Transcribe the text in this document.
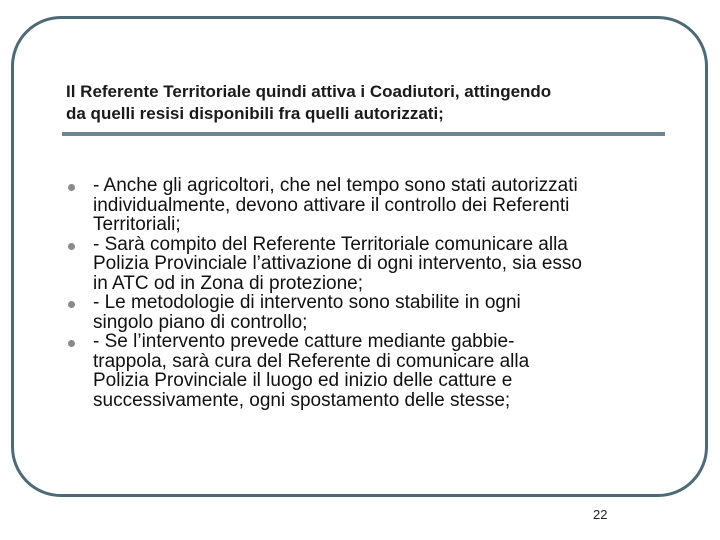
Il Referente Territoriale quindi attiva i Coadiutori, attingendo
da quelli resisi disponibili fra quelli autorizzati;
- Anche gli agricoltori, che nel tempo sono stati autorizzati
individualmente, devono attivare il controllo dei Referenti
Territoriali;
- Sarà compito del Referente Territoriale comunicare alla
Polizia Provinciale l’attivazione di ogni intervento, sia esso
in ATC od in Zona di protezione;
- Le metodologie di intervento sono stabilite in ogni
singolo piano di controllo;
- Se l’intervento prevede catture mediante gabbie-
trappola, sarà cura del Referente di comunicare alla
Polizia Provinciale il luogo ed inizio delle catture e
successivamente, ogni spostamento delle stesse;
22
